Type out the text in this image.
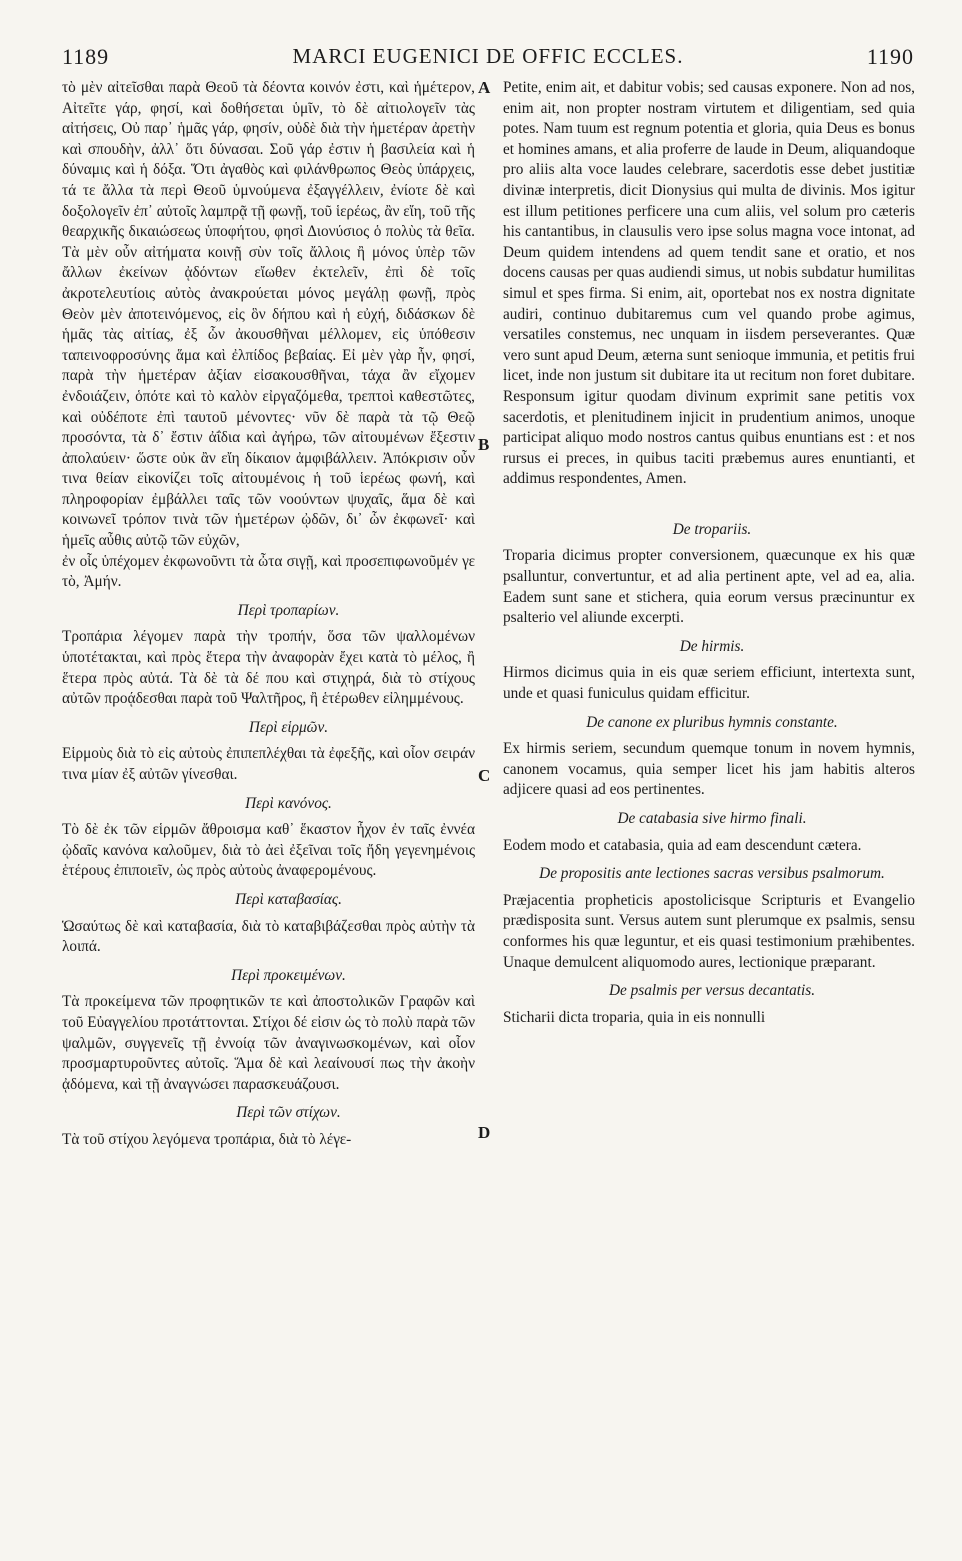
1189	MARCI EUGENICI DE OFFIC ECCLES.	1190
A
B
C
D

τὸ μὲν αἰτεῖσθαι παρὰ Θεοῦ τὰ δέοντα κοινόν ἐστι, καὶ ἡμέτερον, Αἰτεῖτε γάρ, φησί, καὶ δοθήσεται ὑμῖν, τὸ δὲ αἰτιολογεῖν τὰς αἰτήσεις, Οὐ παρ᾽ ἡμᾶς γάρ, φησίν, οὐδὲ διὰ τὴν ἡμετέραν ἀρετὴν καὶ σπουδὴν, ἀλλ᾽ ὅτι δύνασαι. Σοῦ γάρ ἐστιν ἡ βασιλεία καὶ ἡ δύναμις καὶ ἡ δόξα. Ὅτι ἀγαθὸς καὶ φιλάνθρωπος Θεὸς ὑπάρχεις, τά τε ἄλλα τὰ περὶ Θεοῦ ὑμνούμενα ἐξαγγέλλειν, ἐνίοτε δὲ καὶ δοξολογεῖν ἐπ᾽ αὐτοῖς λαμπρᾷ τῇ φωνῇ, τοῦ ἱερέως, ἂν εἴη, τοῦ τῆς θεαρχικῆς δικαιώσεως ὑποφήτου, φησὶ Διονύσιος ὁ πολὺς τὰ θεῖα. Τὰ μὲν οὖν αἰτήματα κοινῇ σὺν τοῖς ἄλλοις ἢ μόνος ὑπὲρ τῶν ἄλλων ἐκείνων ᾀδόντων εἴωθεν ἐκτελεῖν, ἐπὶ δὲ τοῖς ἀκροτελευτίοις αὐτὸς ἀνακρούεται μόνος μεγάλῃ φωνῇ, πρὸς Θεὸν μὲν ἀποτεινόμενος, εἰς ὃν δήπου καὶ ἡ εὐχή, διδάσκων δὲ ἡμᾶς τὰς αἰτίας, ἐξ ὧν ἀκουσθῆναι μέλλομεν, εἰς ὑπόθεσιν ταπεινοφροσύνης ἅμα καὶ ἐλπίδος βεβαίας. Εἰ μὲν γὰρ ἦν, φησί, παρὰ τὴν ἡμετέραν ἀξίαν εἰσακουσθῆναι, τάχα ἂν εἴχομεν ἐνδοιάζειν, ὁπότε καὶ τὸ καλὸν εἰργαζόμεθα, τρεπτοὶ καθεστῶτες, καὶ οὐδέποτε ἐπὶ ταυτοῦ μένοντες· νῦν δὲ παρὰ τὰ τῷ Θεῷ προσόντα, τὰ δ᾽ ἔστιν ἀΐδια καὶ ἀγήρω, τῶν αἰτουμένων ἔξεστιν ἀπολαύειν· ὥστε οὐκ ἂν εἴη δίκαιον ἀμφιβάλλειν. Ἀπόκρισιν οὖν τινα θείαν εἰκονίζει τοῖς αἰτουμένοις ἡ τοῦ ἱερέως φωνή, καὶ πληροφορίαν ἐμβάλλει ταῖς τῶν νοούντων ψυχαῖς, ἅμα δὲ καὶ κοινωνεῖ τρόπον τινὰ τῶν ἡμετέρων ᾠδῶν, δι᾽ ὧν ἐκφωνεῖ· καὶ ἡμεῖς αὖθις αὐτῷ τῶν εὐχῶν,

ἐν οἷς ὑπέχομεν ἐκφωνοῦντι τὰ ὦτα σιγῇ, καὶ προσεπιφωνοῦμέν γε τὸ, Ἀμήν.

Περὶ τροπαρίων.

Τροπάρια λέγομεν παρὰ τὴν τροπήν, ὅσα τῶν ψαλλομένων ὑποτέτακται, καὶ πρὸς ἕτερα τὴν ἀναφορὰν ἔχει κατὰ τὸ μέλος, ἢ ἕτερα πρὸς αὐτά. Τὰ δὲ τὰ δέ που καὶ στιχηρά, διὰ τὸ στίχους αὐτῶν προᾴδεσθαι παρὰ τοῦ Ψαλτῆρος, ἢ ἑτέρωθεν εἰλημμένους.

Περὶ εἱρμῶν.

Εἱρμοὺς διὰ τὸ εἰς αὐτοὺς ἐπιπεπλέχθαι τὰ ἐφεξῆς, καὶ οἷον σειράν τινα μίαν ἐξ αὐτῶν γίνεσθαι.

Περὶ κανόνος.

Τὸ δὲ ἐκ τῶν εἱρμῶν ἄθροισμα καθ᾽ ἕκαστον ἦχον ἐν ταῖς ἐννέα ᾠδαῖς κανόνα καλοῦμεν, διὰ τὸ ἀεὶ ἐξεῖναι τοῖς ἤδη γεγενημένοις ἑτέρους ἐπιποιεῖν, ὡς πρὸς αὐτοὺς ἀναφερομένους.

Περὶ καταβασίας.

Ὡσαύτως δὲ καὶ καταβασία, διὰ τὸ καταβιβάζεσθαι πρὸς αὐτὴν τὰ λοιπά.

Περὶ προκειμένων.

Τὰ προκείμενα τῶν προφητικῶν τε καὶ ἀποστολικῶν Γραφῶν καὶ τοῦ Εὐαγγελίου προτάττονται. Στίχοι δέ εἰσιν ὡς τὸ πολὺ παρὰ τῶν ψαλμῶν, συγγενεῖς τῇ ἐννοίᾳ τῶν ἀναγινωσκομένων, καὶ οἷον προσμαρτυροῦντες αὐτοῖς. Ἅμα δὲ καὶ λεαίνουσί πως τὴν ἀκοὴν ᾀδόμενα, καὶ τῇ ἀναγνώσει παρασκευάζουσι.

Περὶ τῶν στίχων.

Τὰ τοῦ στίχου λεγόμενα τροπάρια, διὰ τὸ λέγε-

Petite, enim ait, et dabitur vobis; sed causas exponere. Non ad nos, enim ait, non propter nostram virtutem et diligentiam, sed quia potes. Nam tuum est regnum potentia et gloria, quia Deus es bonus et homines amans, et alia proferre de laude in Deum, aliquandoque pro aliis alta voce laudes celebrare, sacerdotis esse debet justitiæ divinæ interpretis, dicit Dionysius qui multa de divinis. Mos igitur est illum petitiones perficere una cum aliis, vel solum pro cæteris his cantantibus, in clausulis vero ipse solus magna voce intonat, ad Deum quidem intendens ad quem tendit sane et oratio, et nos docens causas per quas audiendi simus, ut nobis subdatur humilitas simul et spes firma. Si enim, ait, oportebat nos ex nostra dignitate audiri, continuo dubitaremus cum vel quando probe agimus, versatiles constemus, nec unquam in iisdem perseverantes. Quæ vero sunt apud Deum, æterna sunt senioque immunia, et petitis frui licet, inde non justum sit dubitare ita ut recitum non foret dubitare. Responsum igitur quodam divinum exprimit sane petitis vox sacerdotis, et plenitudinem injicit in prudentium animos, unoque participat aliquo modo nostros cantus quibus enuntians est : et nos rursus ei preces, in quibus taciti præbemus aures enuntianti, et addimus respondentes, Amen.

De tropariis.

Troparia dicimus propter conversionem, quæcunque ex his quæ psalluntur, convertuntur, et ad alia pertinent apte, vel ad ea, alia. Eadem sunt sane et stichera, quia eorum versus præcinuntur ex psalterio vel aliunde excerpti.

De hirmis.

Hirmos dicimus quia in eis quæ seriem efficiunt, intertexta sunt, unde et quasi funiculus quidam efficitur.

De canone ex pluribus hymnis constante.

Ex hirmis seriem, secundum quemque tonum in novem hymnis, canonem vocamus, quia semper licet his jam habitis alteros adjicere quasi ad eos pertinentes.

De catabasia sive hirmo finali.

Eodem modo et catabasia, quia ad eam descendunt cætera.

De propositis ante lectiones sacras versibus psalmorum.

Præjacentia propheticis apostolicisque Scripturis et Evangelio prædisposita sunt. Versus autem sunt plerumque ex psalmis, sensu conformes his quæ leguntur, et eis quasi testimonium præhibentes. Unaque demulcent aliquomodo aures, lectionique præparant.

De psalmis per versus decantatis.

Sticharii dicta troparia, quia in eis nonnulli
